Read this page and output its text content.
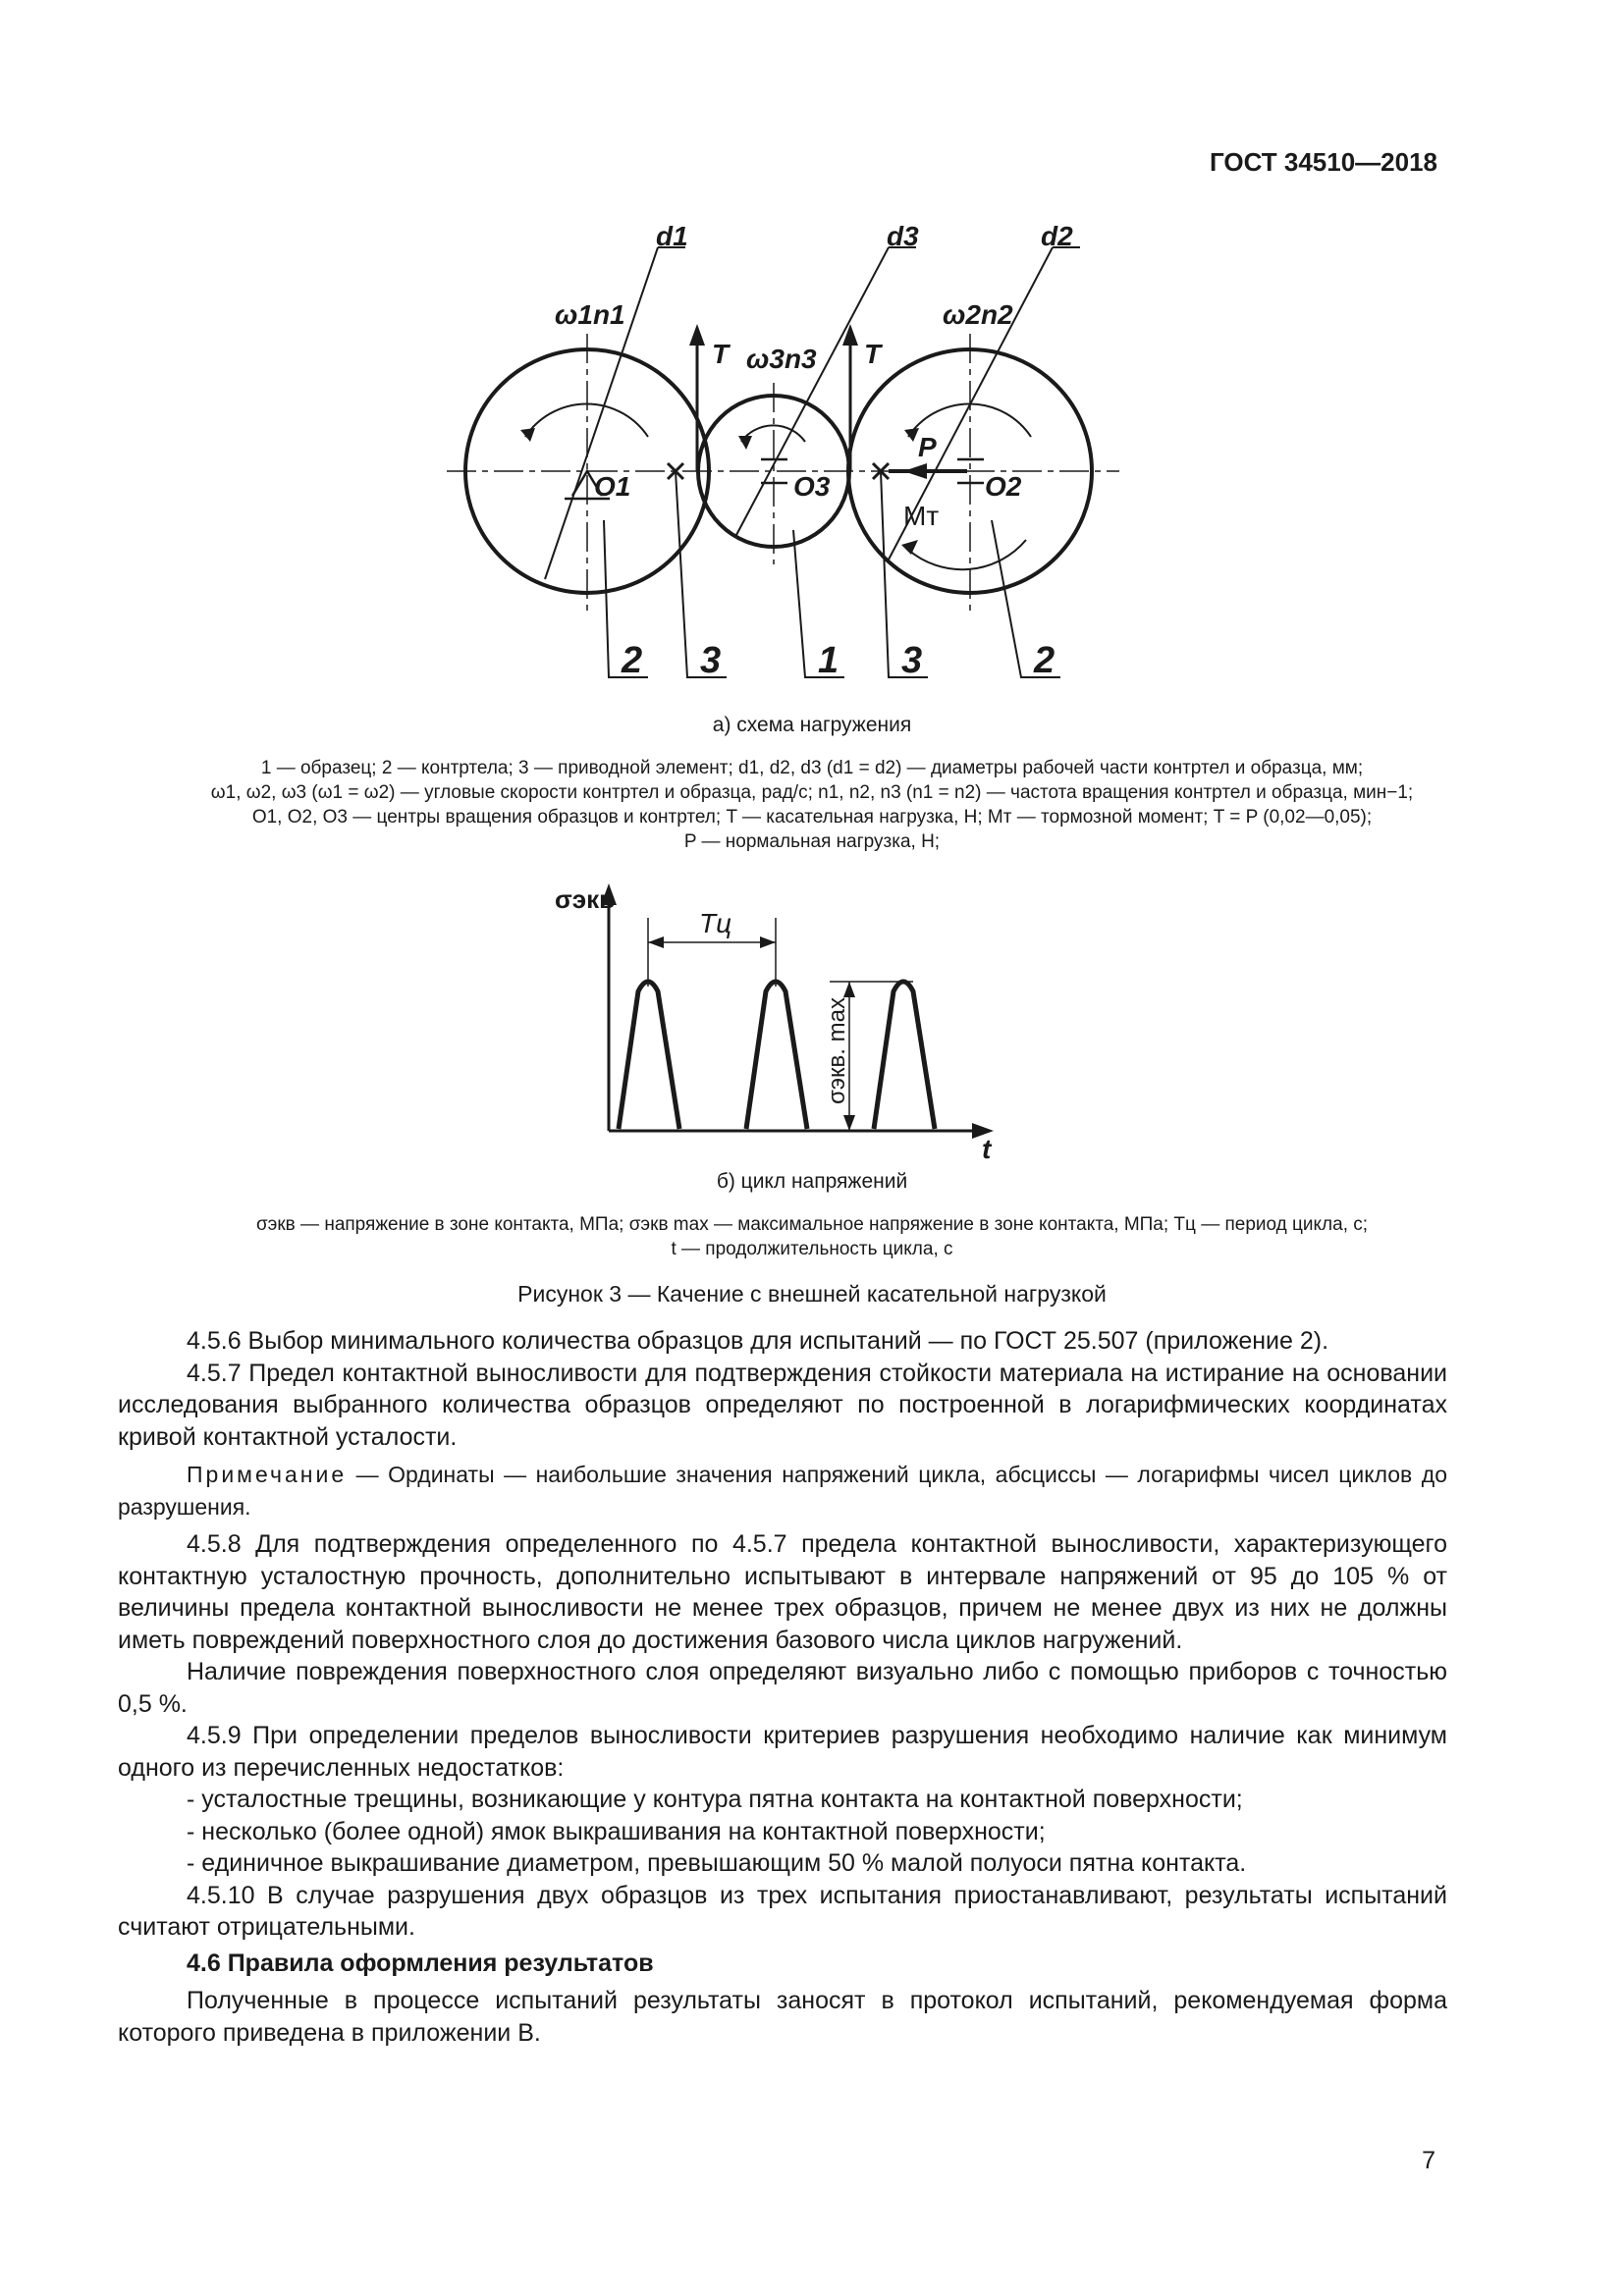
ГОСТ 34510—2018
d1	d3	d2
ω1n1
ω3n3
ω2n2
T	T
P
Mт
O1	O3	O2
2 3	1 3	2
а) схема нагружения
1 — образец; 2 — контртела; 3 — приводной элемент; d1, d2, d3 (d1 = d2) — диаметры рабочей части контртел и образца, мм;
ω1, ω2, ω3 (ω1 = ω2) — угловые скорости контртел и образца, рад/с; n1, n2, n3 (n1 = n2) — частота вращения контртел и образца, мин−1;
O1, O2, O3 — центры вращения образцов и контртел; T — касательная нагрузка, Н; Mт — тормозной момент; T = P (0,02—0,05);
P — нормальная нагрузка, Н;
σэкв
t
Tц
σэкв. max
б) цикл напряжений
σэкв — напряжение в зоне контакта, МПа; σэкв max — максимальное напряжение в зоне контакта, МПа; Tц — период цикла, с;
t — продолжительность цикла, с
Рисунок 3 — Качение с внешней касательной нагрузкой

4.5.6 Выбор минимального количества образцов для испытаний — по ГОСТ 25.507 (приложение 2).

4.5.7 Предел контактной выносливости для подтверждения стойкости материала на истирание на основании исследования выбранного количества образцов определяют по построенной в логарифмических координатах кривой контактной усталости.

Примечание — Ординаты — наибольшие значения напряжений цикла, абсциссы — логарифмы чисел циклов до разрушения.

4.5.8 Для подтверждения определенного по 4.5.7 предела контактной выносливости, характеризующего контактную усталостную прочность, дополнительно испытывают в интервале напряжений от 95 до 105 % от величины предела контактной выносливости не менее трех образцов, причем не менее двух из них не должны иметь повреждений поверхностного слоя до достижения базового числа циклов нагружений.

Наличие повреждения поверхностного слоя определяют визуально либо с помощью приборов с точностью 0,5 %.

4.5.9 При определении пределов выносливости критериев разрушения необходимо наличие как минимум одного из перечисленных недостатков:

- усталостные трещины, возникающие у контура пятна контакта на контактной поверхности;

- несколько (более одной) ямок выкрашивания на контактной поверхности;

- единичное выкрашивание диаметром, превышающим 50 % малой полуоси пятна контакта.

4.5.10 В случае разрушения двух образцов из трех испытания приостанавливают, результаты испытаний считают отрицательными.

4.6 Правила оформления результатов

Полученные в процессе испытаний результаты заносят в протокол испытаний, рекомендуемая форма которого приведена в приложении В.

7
